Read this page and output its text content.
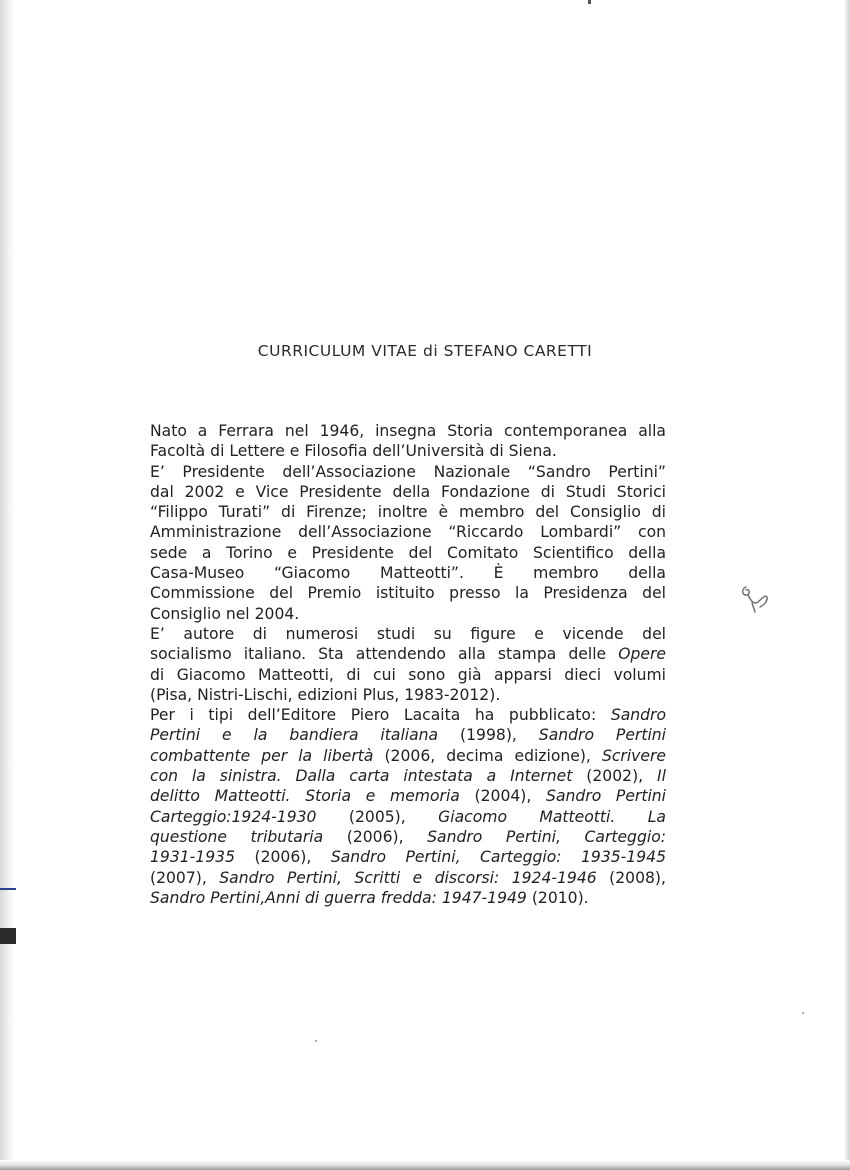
CURRICULUM VITAE di STEFANO CARETTI
Nato a Ferrara nel 1946, insegna Storia contemporanea alla
Facoltà di Lettere e Filosofia dell’Università di Siena.
E’ Presidente dell’Associazione Nazionale “Sandro Pertini”
dal 2002 e Vice Presidente della Fondazione di Studi Storici
“Filippo Turati” di Firenze; inoltre è membro del Consiglio di
Amministrazione dell’Associazione “Riccardo Lombardi” con
sede a Torino e Presidente del Comitato Scientifico della
Casa-Museo “Giacomo Matteotti”. È membro della
Commissione del Premio istituito presso la Presidenza del
Consiglio nel 2004.
E’ autore di numerosi studi su figure e vicende del
socialismo italiano. Sta attendendo alla stampa delle Opere
di Giacomo Matteotti, di cui sono già apparsi dieci volumi
(Pisa, Nistri-Lischi, edizioni Plus, 1983-2012).
Per i tipi dell’Editore Piero Lacaita ha pubblicato: Sandro
Pertini e la bandiera italiana (1998), Sandro Pertini
combattente per la libertà (2006, decima edizione), Scrivere
con la sinistra. Dalla carta intestata a Internet (2002), Il
delitto Matteotti. Storia e memoria (2004), Sandro Pertini
Carteggio:1924-1930 (2005), Giacomo Matteotti. La
questione tributaria (2006), Sandro Pertini, Carteggio:
1931-1935 (2006), Sandro Pertini, Carteggio: 1935-1945
(2007), Sandro Pertini, Scritti e discorsi: 1924-1946 (2008),
Sandro Pertini,Anni di guerra fredda: 1947-1949 (2010).
